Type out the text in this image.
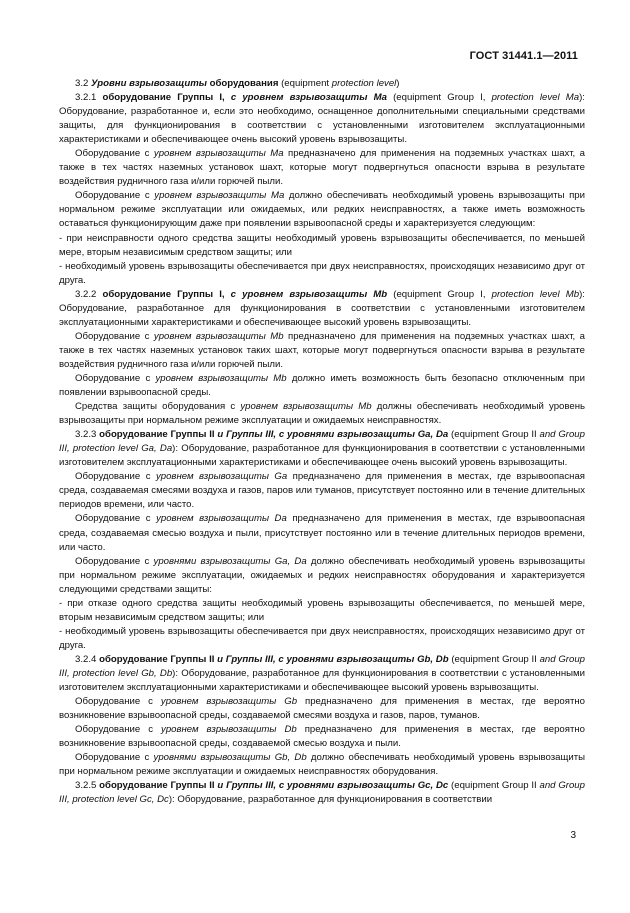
ГОСТ 31441.1—2011

3.2 Уровни взрывозащиты оборудования (equipment protection level)

3.2.1 оборудование Группы I, с уровнем взрывозащиты Ma (equipment Group I, protection level Ma): Оборудование, разработанное и, если это необходимо, оснащенное дополнительными специальными средствами защиты, для функционирования в соответствии с установленными изготовителем эксплуатационными характеристиками и обеспечивающее очень высокий уровень взрывозащиты.

Оборудование с уровнем взрывозащиты Ma предназначено для применения на подземных участках шахт, а также в тех частях наземных установок шахт, которые могут подвергнуться опасности взрыва в результате воздействия рудничного газа и/или горючей пыли.

Оборудование с уровнем взрывозащиты Ma должно обеспечивать необходимый уровень взрывозащиты при нормальном режиме эксплуатации или ожидаемых, или редких неисправностях, а также иметь возможность оставаться функционирующим даже при появлении взрывоопасной среды и характеризуется следующим:

- при неисправности одного средства защиты необходимый уровень взрывозащиты обеспечивается, по меньшей мере, вторым независимым средством защиты; или

- необходимый уровень взрывозащиты обеспечивается при двух неисправностях, происходящих независимо друг от друга.

3.2.2 оборудование Группы I, с уровнем взрывозащиты Mb (equipment Group I, protection level Mb): Оборудование, разработанное для функционирования в соответствии с установленными изготовителем эксплуатационными характеристиками и обеспечивающее высокий уровень взрывозащиты.

Оборудование с уровнем взрывозащиты Mb предназначено для применения на подземных участках шахт, а также в тех частях наземных установок таких шахт, которые могут подвергнуться опасности взрыва в результате воздействия рудничного газа и/или горючей пыли.

Оборудование с уровнем взрывозащиты Mb должно иметь возможность быть безопасно отключенным при появлении взрывоопасной среды.

Средства защиты оборудования с уровнем взрывозащиты Mb должны обеспечивать необходимый уровень взрывозащиты при нормальном режиме эксплуатации и ожидаемых неисправностях.

3.2.3 оборудование Группы II и Группы III, с уровнями взрывозащиты Ga, Da (equipment Group II and Group III, protection level Ga, Da): Оборудование, разработанное для функционирования в соответствии с установленными изготовителем эксплуатационными характеристиками и обеспечивающее очень высокий уровень взрывозащиты.

Оборудование с уровнем взрывозащиты Ga предназначено для применения в местах, где взрывоопасная среда, создаваемая смесями воздуха и газов, паров или туманов, присутствует постоянно или в течение длительных периодов времени, или часто.

Оборудование с уровнем взрывозащиты Da предназначено для применения в местах, где взрывоопасная среда, создаваемая смесью воздуха и пыли, присутствует постоянно или в течение длительных периодов времени, или часто.

Оборудование с уровнями взрывозащиты Ga, Da должно обеспечивать необходимый уровень взрывозащиты при нормальном режиме эксплуатации, ожидаемых и редких неисправностях оборудования и характеризуется следующими средствами защиты:

- при отказе одного средства защиты необходимый уровень взрывозащиты обеспечивается, по меньшей мере, вторым независимым средством защиты; или

- необходимый уровень взрывозащиты обеспечивается при двух неисправностях, происходящих независимо друг от друга.

3.2.4 оборудование Группы II и Группы III, с уровнями взрывозащиты Gb, Db (equipment Group II and Group III, protection level Gb, Db): Оборудование, разработанное для функционирования в соответствии с установленными изготовителем эксплуатационными характеристиками и обеспечивающее высокий уровень взрывозащиты.

Оборудование с уровнем взрывозащиты Gb предназначено для применения в местах, где вероятно возникновение взрывоопасной среды, создаваемой смесями воздуха и газов, паров, туманов.

Оборудование с уровнем взрывозащиты Db предназначено для применения в местах, где вероятно возникновение взрывоопасной среды, создаваемой смесью воздуха и пыли.

Оборудование с уровнями взрывозащиты Gb, Db должно обеспечивать необходимый уровень взрывозащиты при нормальном режиме эксплуатации и ожидаемых неисправностях оборудования.

3.2.5 оборудование Группы II и Группы III, с уровнями взрывозащиты Gc, Dc (equipment Group II and Group III, protection level Gc, Dc): Оборудование, разработанное для функционирования в соответствии

3
